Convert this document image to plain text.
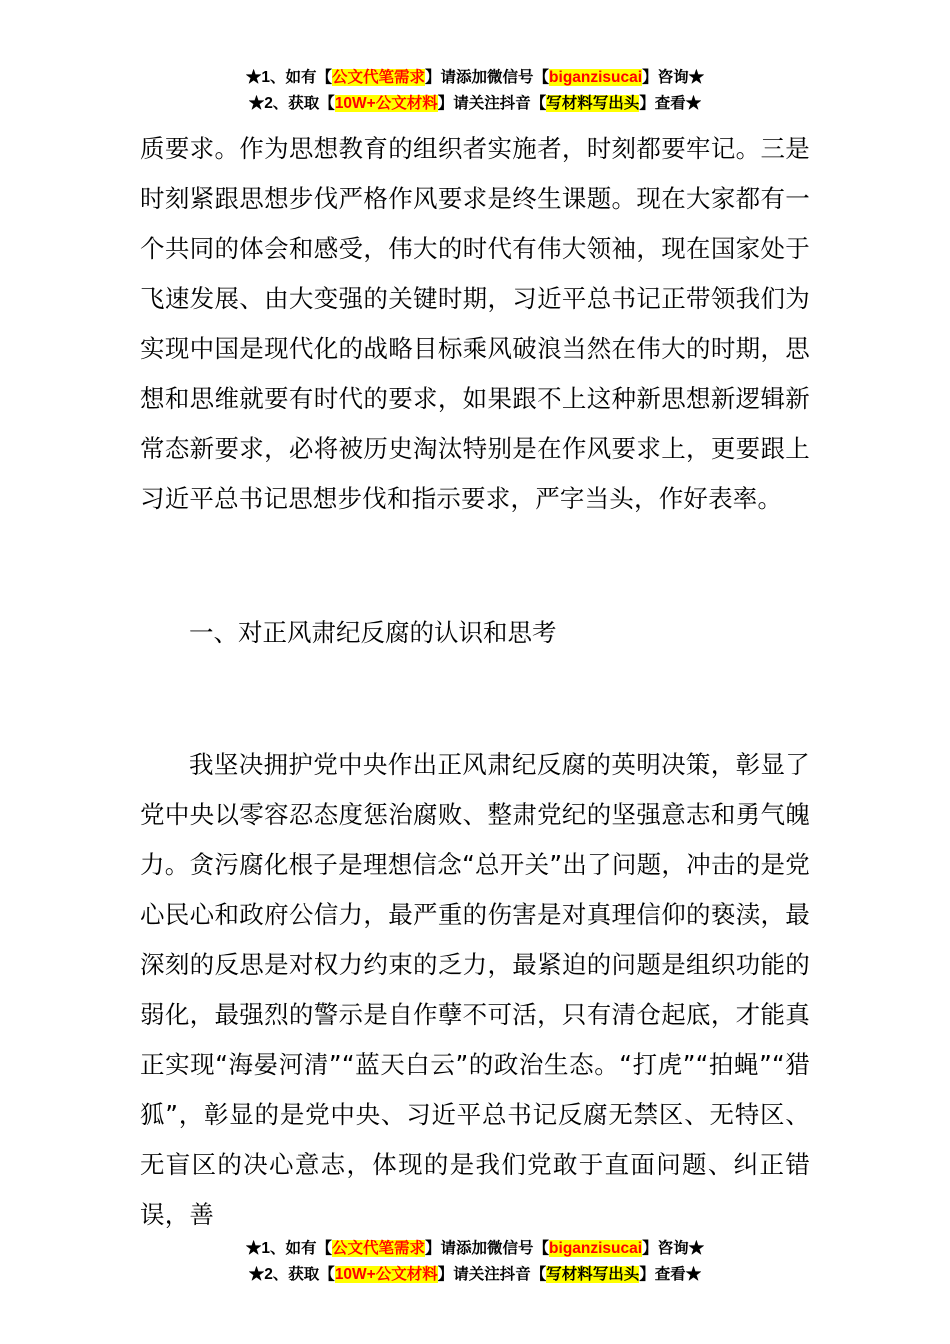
★1、如有【公文代笔需求】请添加微信号【biganzisucai】咨询★
★2、获取【10W+公文材料】请关注抖音【写材料写出头】查看★

质要求。作为思想教育的组织者实施者，时刻都要牢记。三是时刻紧跟思想步伐严格作风要求是终生课题。现在大家都有一个共同的体会和感受，伟大的时代有伟大领袖，现在国家处于飞速发展、由大变强的关键时期，习近平总书记正带领我们为实现中国是现代化的战略目标乘风破浪当然在伟大的时期，思想和思维就要有时代的要求，如果跟不上这种新思想新逻辑新常态新要求，必将被历史淘汰特别是在作风要求上，更要跟上习近平总书记思想步伐和指示要求，严字当头，作好表率。

一、对正风肃纪反腐的认识和思考

我坚决拥护党中央作出正风肃纪反腐的英明决策，彰显了党中央以零容忍态度惩治腐败、整肃党纪的坚强意志和勇气魄力。贪污腐化根子是理想信念“总开关”出了问题，冲击的是党心民心和政府公信力，最严重的伤害是对真理信仰的亵渎，最深刻的反思是对权力约束的乏力，最紧迫的问题是组织功能的弱化，最强烈的警示是自作孽不可活，只有清仓起底，才能真正实现“海晏河清”“蓝天白云”的政治生态。“打虎”“拍蝇”“猎狐”，彰显的是党中央、习近平总书记反腐无禁区、无特区、无盲区的决心意志，体现的是我们党敢于直面问题、纠正错误，善

★1、如有【公文代笔需求】请添加微信号【biganzisucai】咨询★
★2、获取【10W+公文材料】请关注抖音【写材料写出头】查看★
